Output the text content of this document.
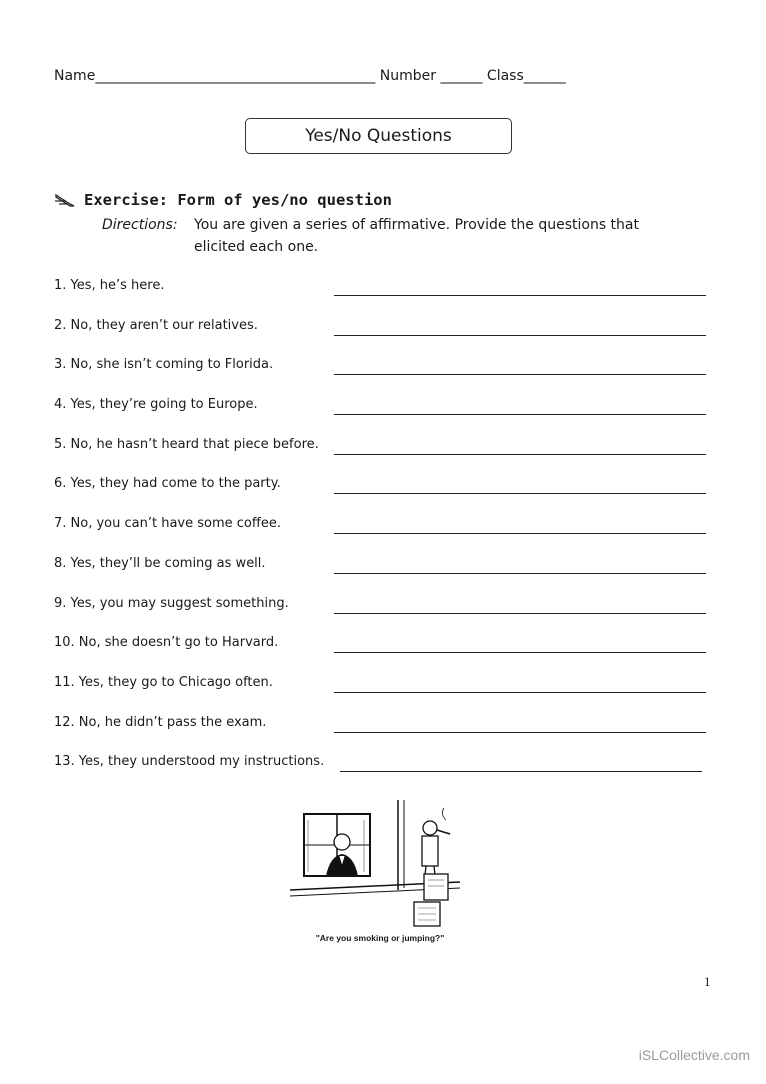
Name________________________________________ Number ______ Class______
Yes/No Questions
Exercise: Form of yes/no question
Directions:	You are given a series of affirmative. Provide the questions that elicited each one.
1. Yes, he’s here.
2. No, they aren’t our relatives.
3. No, she isn’t coming to Florida.
4. Yes, they’re going to Europe.
5. No, he hasn’t heard that piece before.
6. Yes, they had come to the party.
7. No, you can’t have some coffee.
8. Yes, they’ll be coming as well.
9. Yes, you may suggest something.
10. No, she doesn’t go to Harvard.
11. Yes, they go to Chicago often.
12. No, he didn’t pass the exam.
13. Yes, they understood my instructions.
"Are you smoking or jumping?"
1
iSLCollective.com
